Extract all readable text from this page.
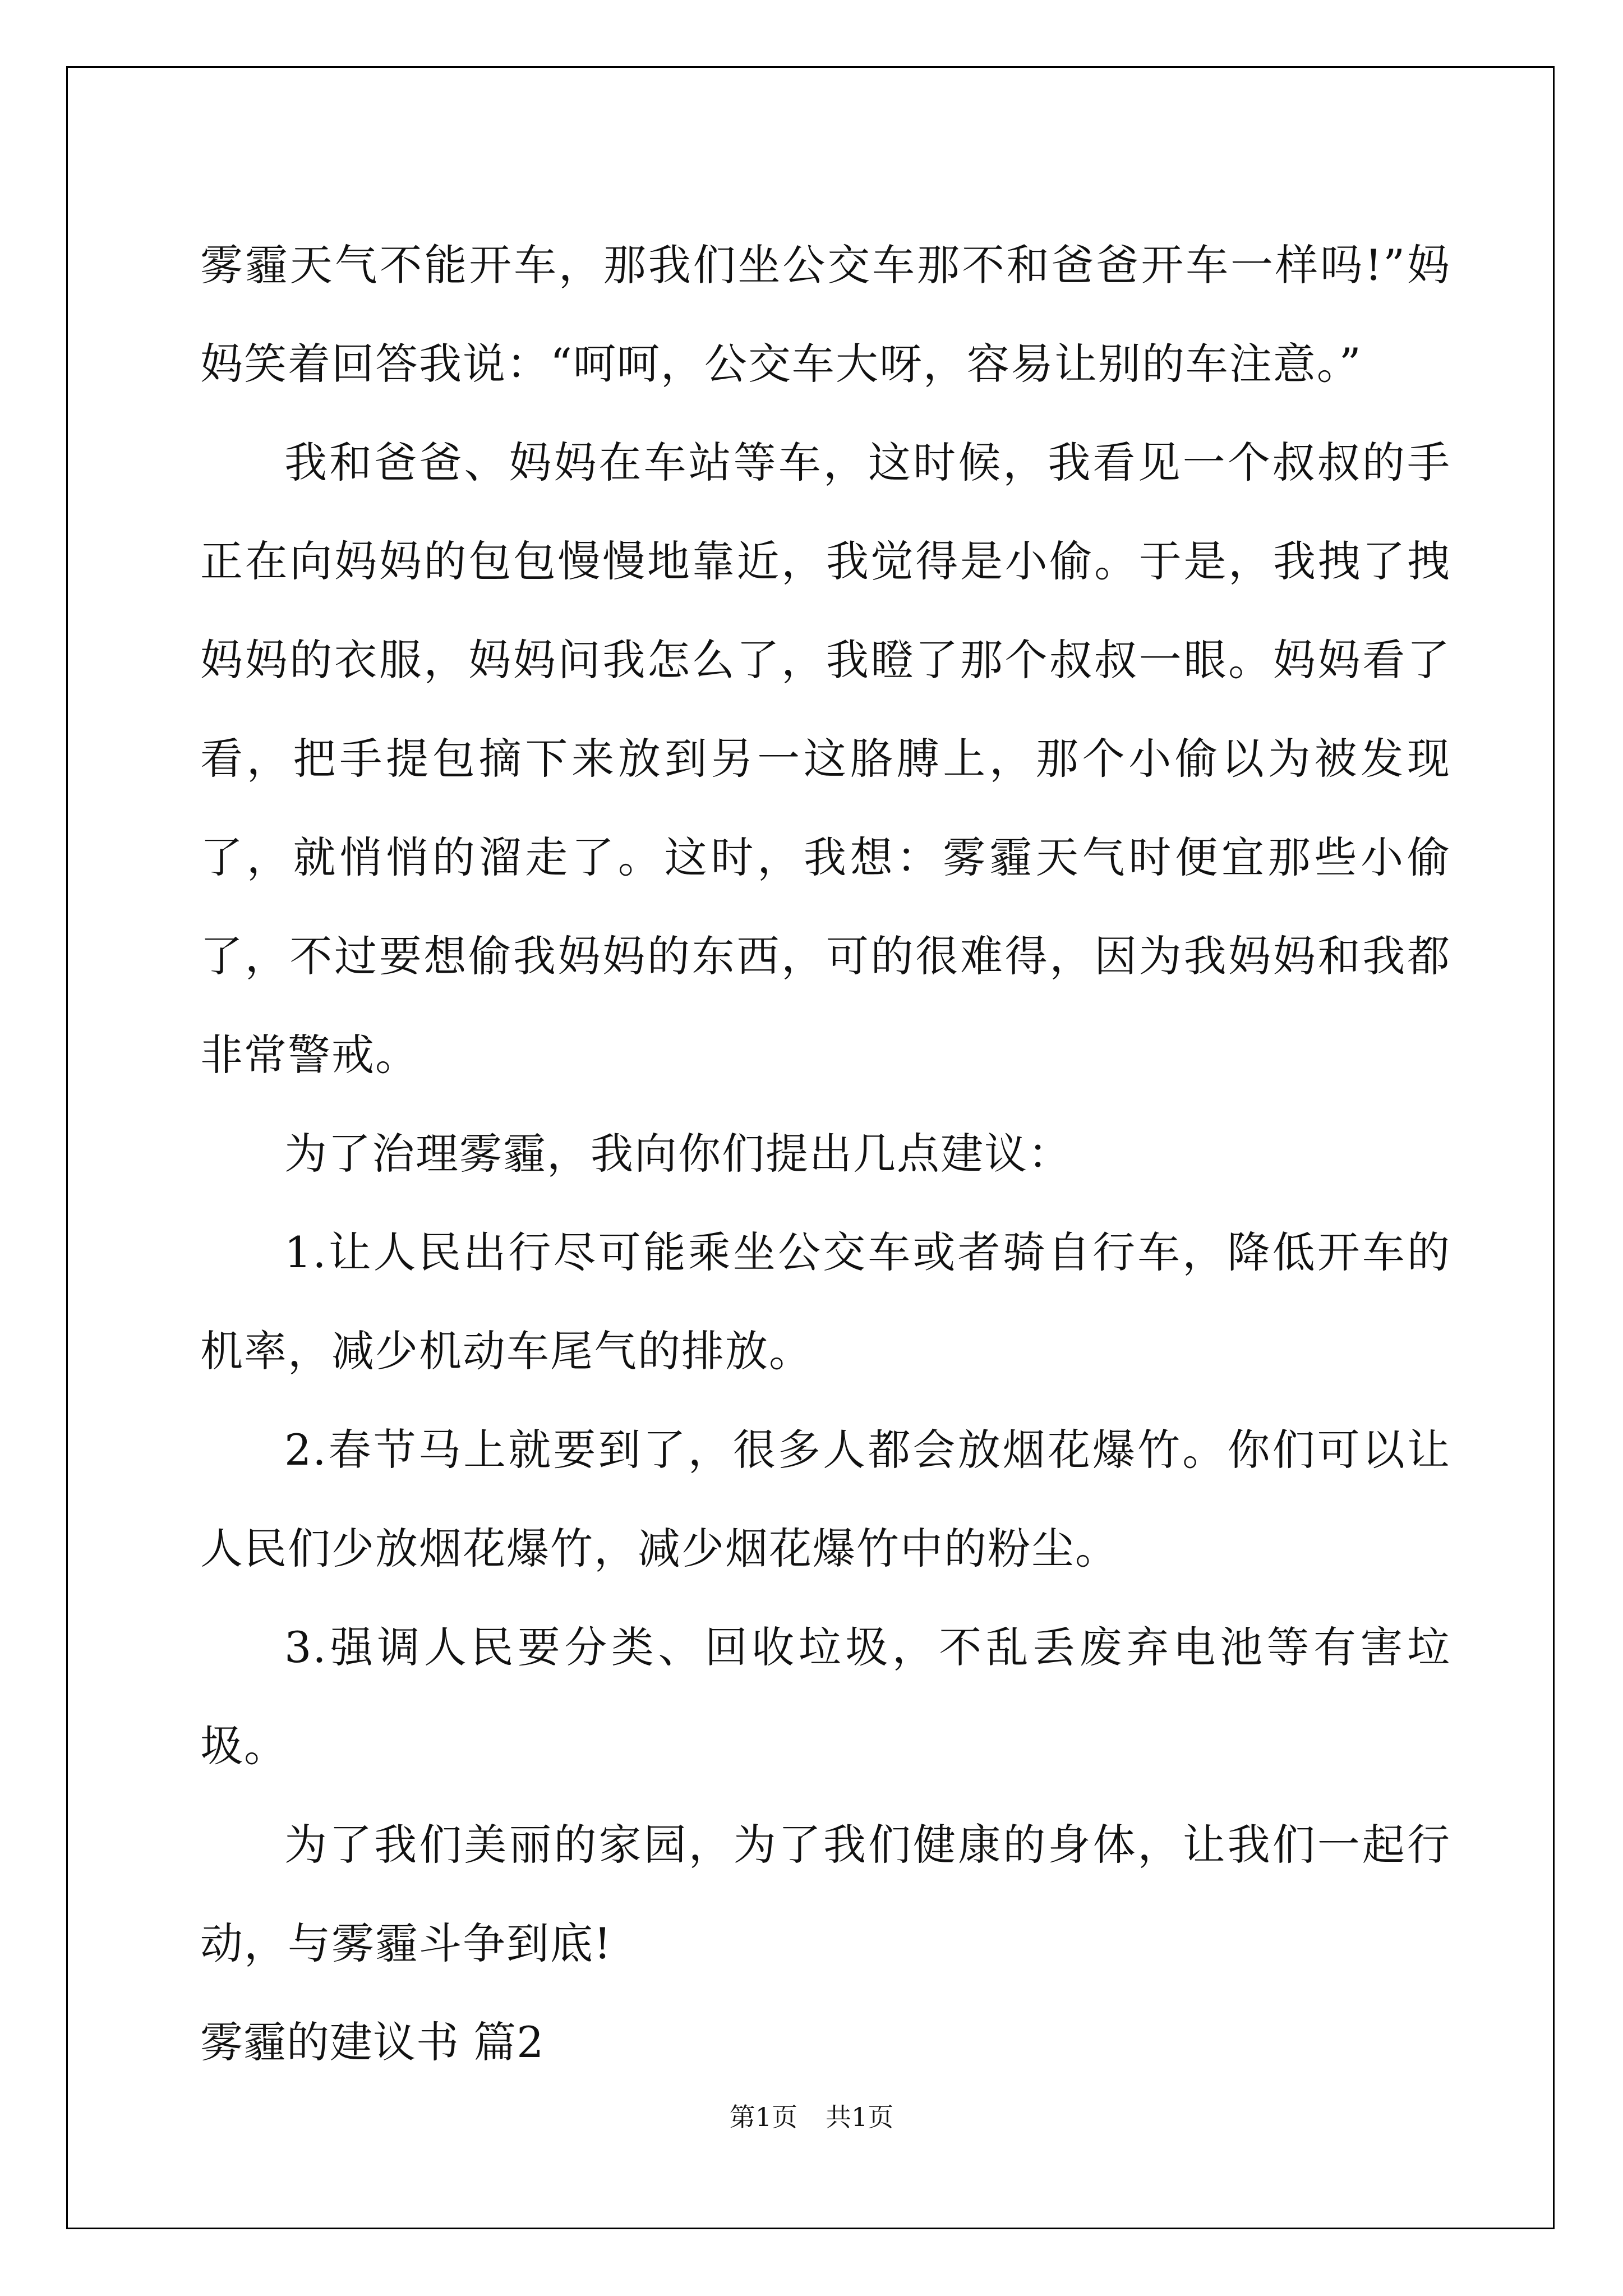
雾霾天气不能开车，那我们坐公交车那不和爸爸开车一样吗!”妈妈笑着回答我说：“呵呵，公交车大呀，容易让别的车注意。”

我和爸爸、妈妈在车站等车，这时候，我看见一个叔叔的手正在向妈妈的包包慢慢地靠近，我觉得是小偷。于是，我拽了拽妈妈的衣服，妈妈问我怎么了，我瞪了那个叔叔一眼。妈妈看了看，把手提包摘下来放到另一这胳膊上，那个小偷以为被发现了，就悄悄的溜走了。这时，我想：雾霾天气时便宜那些小偷了，不过要想偷我妈妈的东西，可的很难得，因为我妈妈和我都非常警戒。

为了治理雾霾，我向你们提出几点建议：

1.让人民出行尽可能乘坐公交车或者骑自行车，降低开车的机率，减少机动车尾气的排放。

2.春节马上就要到了，很多人都会放烟花爆竹。你们可以让人民们少放烟花爆竹，减少烟花爆竹中的粉尘。

3.强调人民要分类、回收垃圾，不乱丢废弃电池等有害垃圾。

为了我们美丽的家园，为了我们健康的身体，让我们一起行动，与雾霾斗争到底!

雾霾的建议书 篇2

第1页 共1页
